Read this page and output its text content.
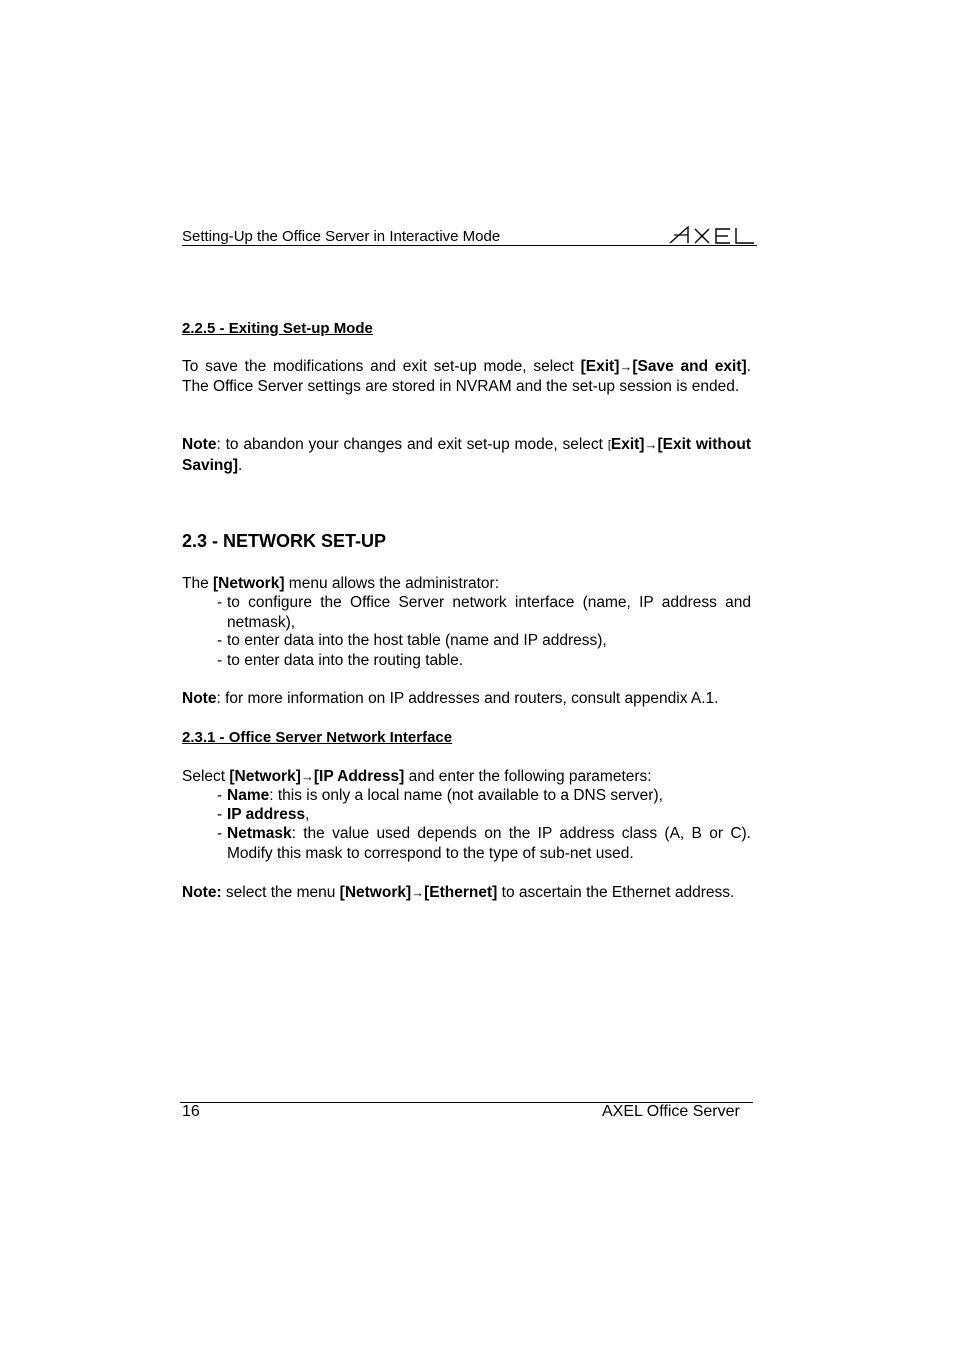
Setting-Up the Office Server in Interactive Mode
2.2.5 - Exiting Set-up Mode
To save the modifications and exit set-up mode, select [Exit]→[Save and exit]. The Office Server settings are stored in NVRAM and the set-up session is ended.
Note: to abandon your changes and exit set-up mode, select [Exit]→[Exit without Saving].
2.3 - NETWORK SET-UP
The [Network] menu allows the administrator:
- to configure the Office Server network interface (name, IP address and netmask),
- to enter data into the host table (name and IP address),
- to enter data into the routing table.
Note: for more information on IP addresses and routers, consult appendix A.1.
2.3.1 - Office Server Network Interface
Select [Network]→[IP Address] and enter the following parameters:
- Name: this is only a local name (not available to a DNS server),
- IP address,
- Netmask: the value used depends on the IP address class (A, B or C). Modify this mask to correspond to the type of sub-net used.
Note: select the menu [Network]→[Ethernet] to ascertain the Ethernet address.
16	AXEL Office Server
